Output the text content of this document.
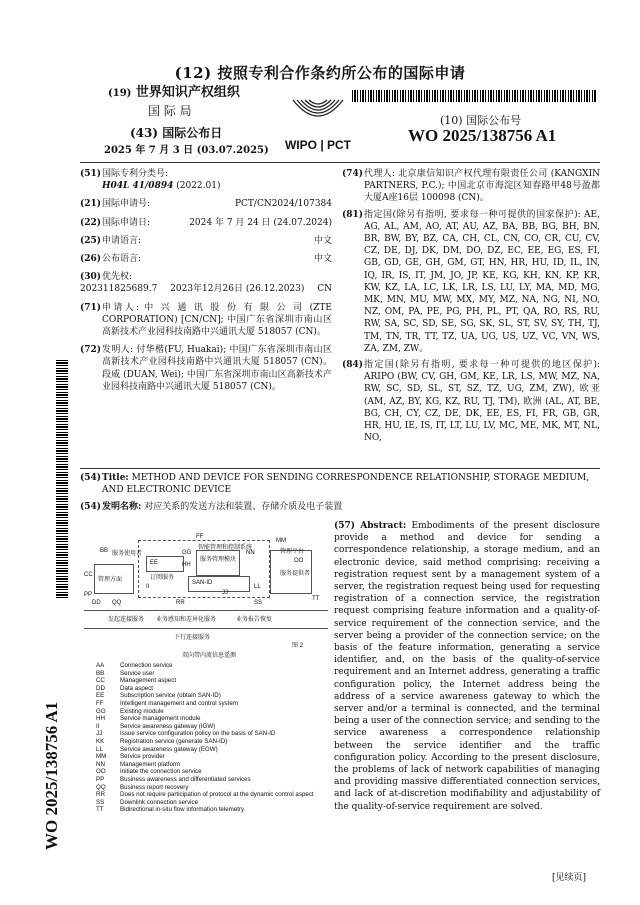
(12) 按照专利合作条约所公布的国际申请
(19) 世界知识产权组织
国 际 局
(43) 国际公布日
2025 年 7 月 3 日 (03.07.2025) WIPO | PCT
(10) 国际公布号
WO 2025/138756 A1
WO 2025/138756 A1
(51) 国际专利分类号:
H04L 41/0894 (2022.01)
(21) 国际申请号:	PCT/CN2024/107384
(22) 国际申请日:	2024 年 7 月 24 日 (24.07.2024)
(25) 申请语言:	中文
(26) 公布语言:	中文
(30) 优先权:
202311825689.7 2023年12月26日 (26.12.2023) CN
(71) 申请人: 中 兴 通 讯 股 份 有 限 公 司 (ZTE CORPORATION) [CN/CN]; 中国广东省深圳市南山区高新技术产业园科技南路中兴通讯大厦 518057 (CN)。
(72) 发明人: 付华楷(FU, Huakai); 中国广东省深圳市南山区高新技术产业园科技南路中兴通讯大厦 518057 (CN)。 段威 (DUAN, Wei); 中国广东省深圳市南山区高新技术产业园科技南路中兴通讯大厦 518057 (CN)。
(74) 代理人: 北京康信知识产权代理有限责任公司 (KANGXIN PARTNERS, P.C.); 中国北京市海淀区知春路甲48号盈都大厦A座16层 100098 (CN)。
(81) 指定国(除另有指明, 要求每一种可提供的国家保护): AE, AG, AL, AM, AO, AT, AU, AZ, BA, BB, BG, BH, BN, BR, BW, BY, BZ, CA, CH, CL, CN, CO, CR, CU, CV, CZ, DE, DJ, DK, DM, DO, DZ, EC, EE, EG, ES, FI, GB, GD, GE, GH, GM, GT, HN, HR, HU, ID, IL, IN, IQ, IR, IS, IT, JM, JO, JP, KE, KG, KH, KN, KP, KR, KW, KZ, LA, LC, LK, LR, LS, LU, LY, MA, MD, MG, MK, MN, MU, MW, MX, MY, MZ, NA, NG, NI, NO, NZ, OM, PA, PE, PG, PH, PL, PT, QA, RO, RS, RU, RW, SA, SC, SD, SE, SG, SK, SL, ST, SV, SY, TH, TJ, TM, TN, TR, TT, TZ, UA, UG, US, UZ, VC, VN, WS, ZA, ZM, ZW。
(84) 指定国(除另有指明, 要求每一种可提供的地区保护): ARIPO (BW, CV, GH, GM, KE, LR, LS, MW, MZ, NA, RW, SC, SD, SL, ST, SZ, TZ, UG, ZM, ZW), 欧亚 (AM, AZ, BY, KG, KZ, RU, TJ, TM), 欧洲 (AL, AT, BE, BG, CH, CY, CZ, DE, DK, EE, ES, FI, FR, GB, GR, HR, HU, IE, IS, IT, LT, LU, LV, MC, ME, MK, MT, NL, NO,
(54) Title: METHOD AND DEVICE FOR SENDING CORRESPONDENCE RELATIONSHIP, STORAGE MEDIUM, AND ELECTRONIC DEVICE
(54) 发明名称: 对应关系的发送方法和装置、存储介质及电子装置
(57) Abstract: Embodiments of the present disclosure provide a method and device for sending a correspondence relationship, a storage medium, and an electronic device, said method comprising: receiving a registration request sent by a management system of a server, the registration request being used for requesting registration of a connection service, the registration request comprising feature information and a quality-of-service requirement of the connection service, and the server being a provider of the connection service; on the basis of the feature information, generating a service identifier, and, on the basis of the quality-of-service requirement and an Internet address, generating a traffic configuration policy, the Internet address being the address of a service awareness gateway to which the server and/or a terminal is connected, and the terminal being a user of the connection service; and sending to the service awareness a correspondence relationship between the service identifier and the traffic configuration policy. According to the present disclosure, the problems of lack of network capabilities of managing and providing massive differentiated connection services, and lack of at-discretion modifiability and adjustability of the quality-of-service requirement are solved.
FF
MM
BB 服务使用者
CC
管理方面
EE
订阅服务
GG
HH
智能管理和控制系统
服务管理模块
SAN-ID
NN	管理平台
OO
服务提供者
PP
DD
II
JJ
LL
QQ
发起连接服务
RR
业务感知和差异化服务
SS
业务报告恢复
TT
下行连接服务
双向带内流信息遥测
图 2
AA	Connection service
BB	Service user
CC	Management aspect
DD	Data aspect
EE	Subscription service (obtain SAN-ID)
FF	Intelligent management and control system
GG	Existing module
HH	Service management module
II	Service awareness gateway (IGW)
JJ	Issue service configuration policy on the basis of SAN-ID
KK	Registration service (generate SAN-ID)
LL	Service awareness gateway (EGW)
MM	Service provider
NN	Management platform
OO	Initiate the connection service
PP	Business awareness and differentiated services
QQ	Business report recovery
RR	Does not require participation of protocol at the dynamic control aspect
SS	Downlink connection service
TT	Bidirectional in-situ flow information telemetry
[见续页]
